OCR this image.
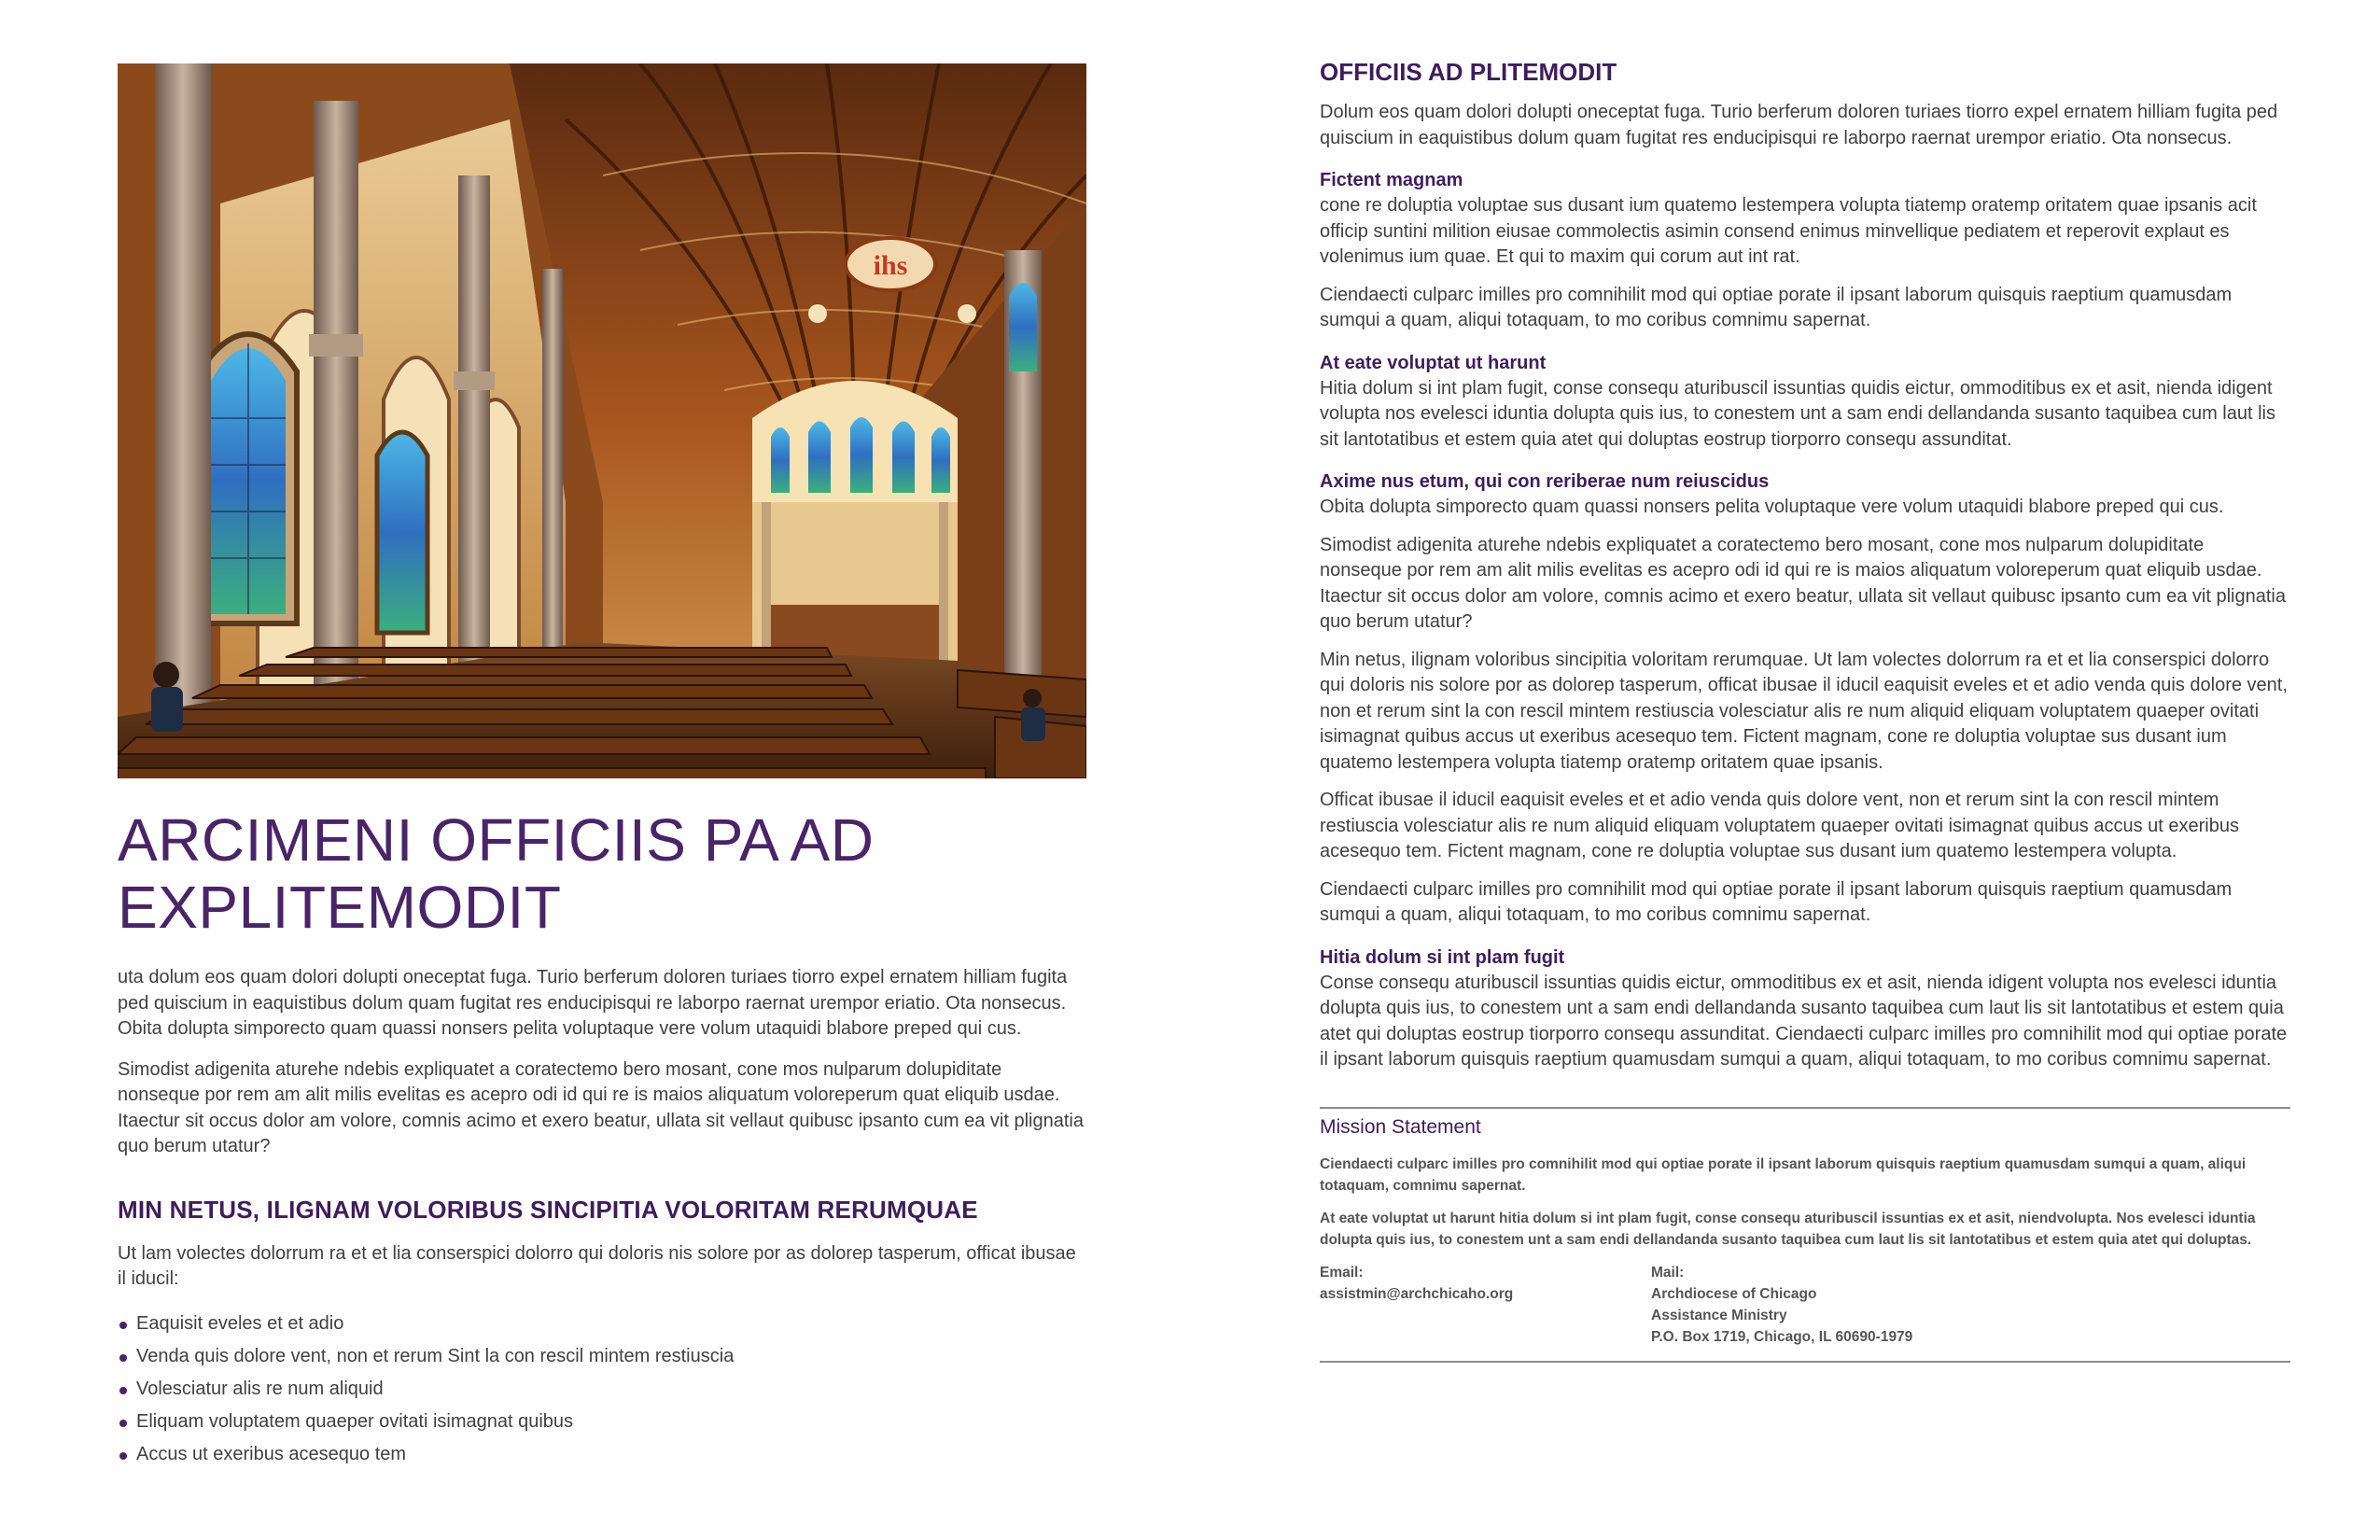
ihs
ARCIMENI OFFICIIS PA AD
EXPLITEMODIT

uta dolum eos quam dolori dolupti oneceptat fuga. Turio berferum doloren turiaes tiorro expel ernatem hilliam fugita ped quiscium in eaquistibus dolum quam fugitat res enducipisqui re laborpo raernat urempor eriatio. Ota nonsecus. Obita dolupta simporecto quam quassi nonsers pelita voluptaque vere volum utaquidi blabore preped qui cus.

Simodist adigenita aturehe ndebis expliquatet a coratectemo bero mosant, cone mos nulparum dolupiditate nonseque por rem am alit milis evelitas es acepro odi id qui re is maios aliquatum voloreperum quat eliquib usdae. Itaectur sit occus dolor am volore, comnis acimo et exero beatur, ullata sit vellaut quibusc ipsanto cum ea vit plignatia quo berum utatur?

MIN NETUS, ILIGNAM VOLORIBUS SINCIPITIA VOLORITAM RERUMQUAE

Ut lam volectes dolorrum ra et et lia conserspici dolorro qui doloris nis solore por as dolorep tasperum, officat ibusae il iducil:

Eaquisit eveles et et adio
Venda quis dolore vent, non et rerum Sint la con rescil mintem restiuscia
Volesciatur alis re num aliquid
Eliquam voluptatem quaeper ovitati isimagnat quibus
Accus ut exeribus acesequo tem
OFFICIIS AD PLITEMODIT

Dolum eos quam dolori dolupti oneceptat fuga. Turio berferum doloren turiaes tiorro expel ernatem hilliam fugita ped quiscium in eaquistibus dolum quam fugitat res enducipisqui re laborpo raernat urempor eriatio. Ota nonsecus.

Fictent magnam

cone re doluptia voluptae sus dusant ium quatemo lestempera volupta tiatemp oratemp oritatem quae ipsanis acit officip suntini milition eiusae commolectis asimin consend enimus minvellique pediatem et reperovit explaut es volenimus ium quae. Et qui to maxim qui corum aut int rat.

Ciendaecti culparc imilles pro comnihilit mod qui optiae porate il ipsant laborum quisquis raeptium quamusdam sumqui a quam, aliqui totaquam, to mo coribus comnimu sapernat.

At eate voluptat ut harunt

Hitia dolum si int plam fugit, conse consequ aturibuscil issuntias quidis eictur, ommoditibus ex et asit, nienda idigent volupta nos evelesci iduntia dolupta quis ius, to conestem unt a sam endi dellandanda susanto taquibea cum laut lis sit lantotatibus et estem quia atet qui doluptas eostrup tiorporro consequ assunditat.

Axime nus etum, qui con reriberae num reiuscidus

Obita dolupta simporecto quam quassi nonsers pelita voluptaque vere volum utaquidi blabore preped qui cus.

Simodist adigenita aturehe ndebis expliquatet a coratectemo bero mosant, cone mos nulparum dolupiditate nonseque por rem am alit milis evelitas es acepro odi id qui re is maios aliquatum voloreperum quat eliquib usdae. Itaectur sit occus dolor am volore, comnis acimo et exero beatur, ullata sit vellaut quibusc ipsanto cum ea vit plignatia quo berum utatur?

Min netus, ilignam voloribus sincipitia voloritam rerumquae. Ut lam volectes dolorrum ra et et lia conserspici dolorro qui doloris nis solore por as dolorep tasperum, officat ibusae il iducil eaquisit eveles et et adio venda quis dolore vent, non et rerum sint la con rescil mintem restiuscia volesciatur alis re num aliquid eliquam voluptatem quaeper ovitati isimagnat quibus accus ut exeribus acesequo tem. Fictent magnam, cone re doluptia voluptae sus dusant ium quatemo lestempera volupta tiatemp oratemp oritatem quae ipsanis.

Officat ibusae il iducil eaquisit eveles et et adio venda quis dolore vent, non et rerum sint la con rescil mintem restiuscia volesciatur alis re num aliquid eliquam voluptatem quaeper ovitati isimagnat quibus accus ut exeribus acesequo tem. Fictent magnam, cone re doluptia voluptae sus dusant ium quatemo lestempera volupta.

Ciendaecti culparc imilles pro comnihilit mod qui optiae porate il ipsant laborum quisquis raeptium quamusdam sumqui a quam, aliqui totaquam, to mo coribus comnimu sapernat.

Hitia dolum si int plam fugit

Conse consequ aturibuscil issuntias quidis eictur, ommoditibus ex et asit, nienda idigent volupta nos evelesci iduntia dolupta quis ius, to conestem unt a sam endi dellandanda susanto taquibea cum laut lis sit lantotatibus et estem quia atet qui doluptas eostrup tiorporro consequ assunditat. Ciendaecti culparc imilles pro comnihilit mod qui optiae porate il ipsant laborum quisquis raeptium quamusdam sumqui a quam, aliqui totaquam, to mo coribus comnimu sapernat.

Mission Statement

Ciendaecti culparc imilles pro comnihilit mod qui optiae porate il ipsant laborum quisquis raeptium quamusdam sumqui a quam, aliqui totaquam, comnimu sapernat.

At eate voluptat ut harunt hitia dolum si int plam fugit, conse consequ aturibuscil issuntias ex et asit, niendvolupta. Nos evelesci iduntia dolupta quis ius, to conestem unt a sam endi dellandanda susanto taquibea cum laut lis sit lantotatibus et estem quia atet qui doluptas.

Email:
assistmin@archchicaho.org
Mail:
Archdiocese of Chicago
Assistance Ministry
P.O. Box 1719, Chicago, IL 60690-1979
